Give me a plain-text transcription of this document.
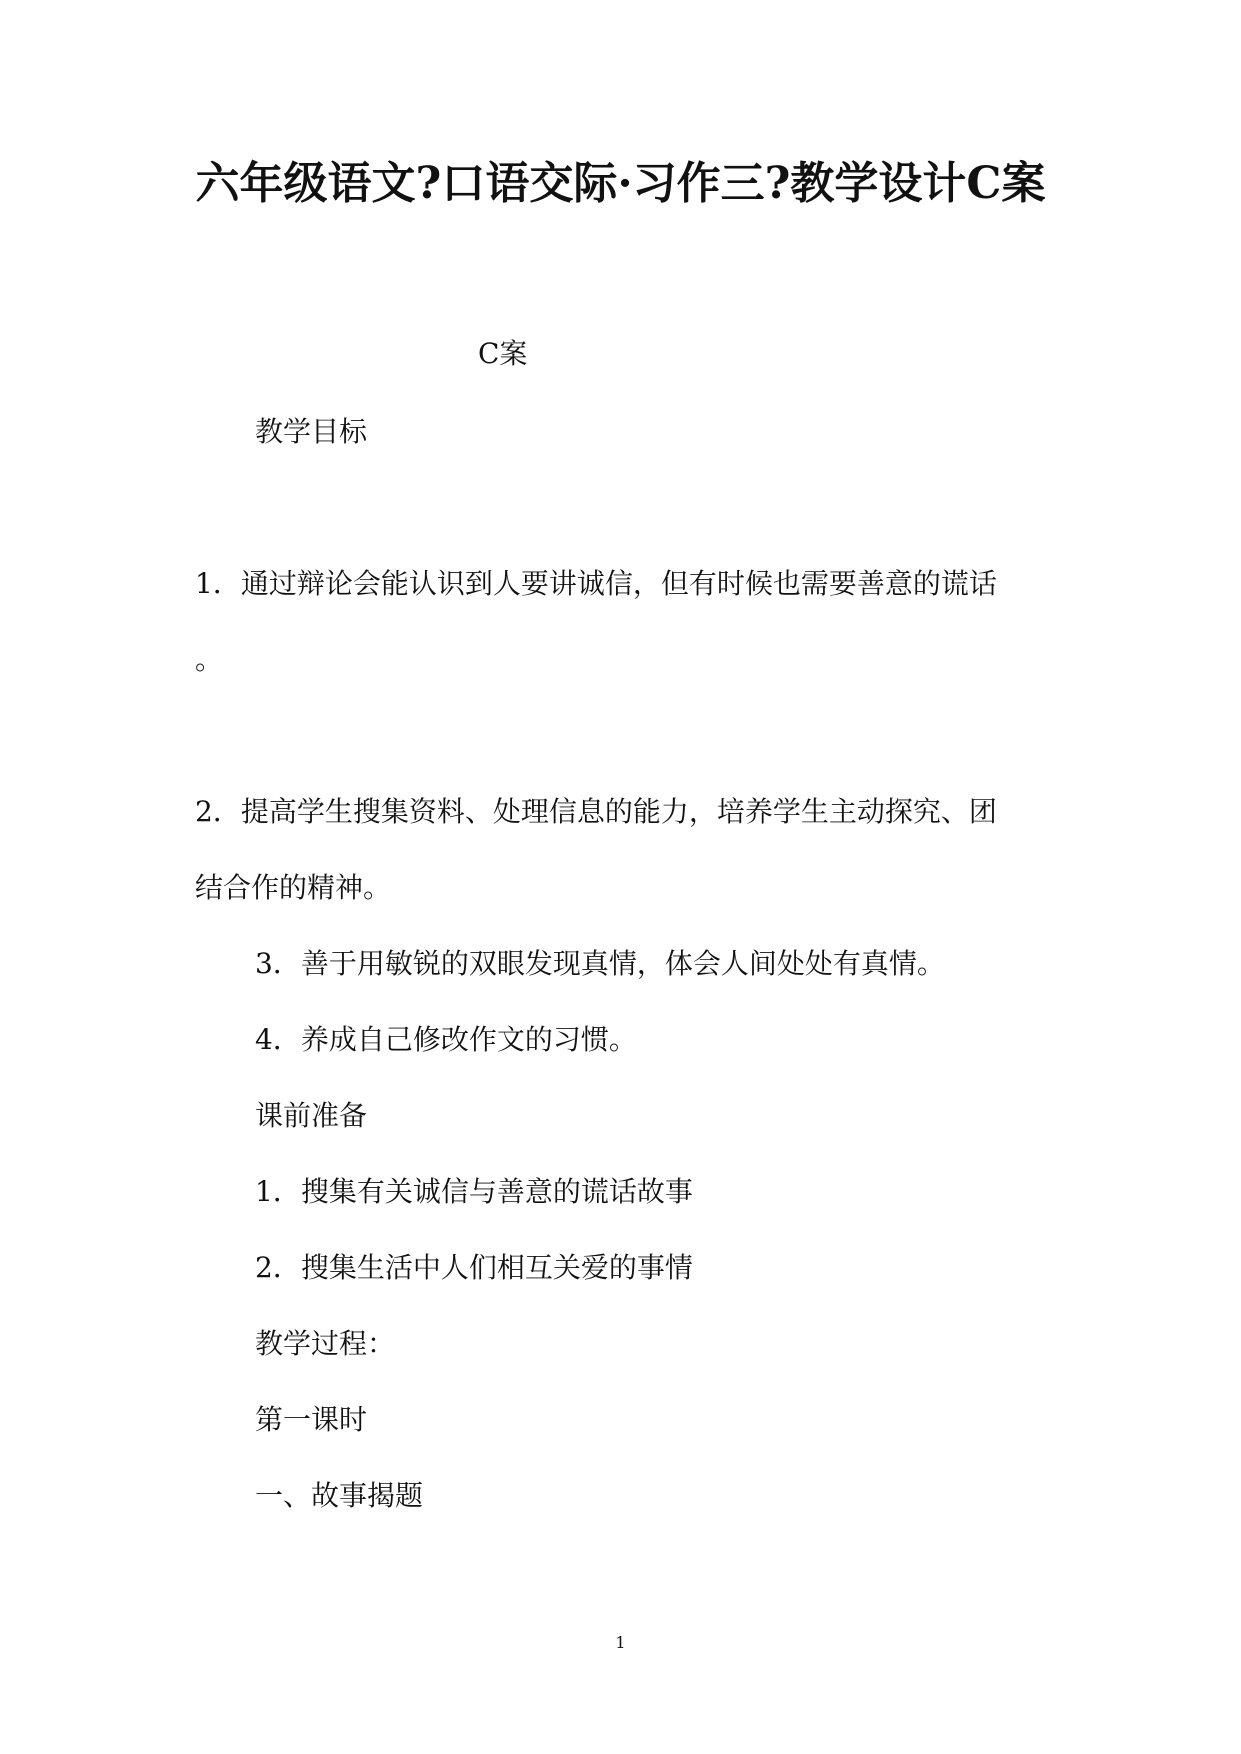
六年级语文?口语交际·习作三?教学设计C案
C案
教学目标
1．通过辩论会能认识到人要讲诚信，但有时候也需要善意的谎话
。
2．提高学生搜集资料、处理信息的能力，培养学生主动探究、团
结合作的精神。
3．善于用敏锐的双眼发现真情，体会人间处处有真情。
4．养成自己修改作文的习惯。
课前准备
1．搜集有关诚信与善意的谎话故事
2．搜集生活中人们相互关爱的事情
教学过程：
第一课时
一、故事揭题
1
